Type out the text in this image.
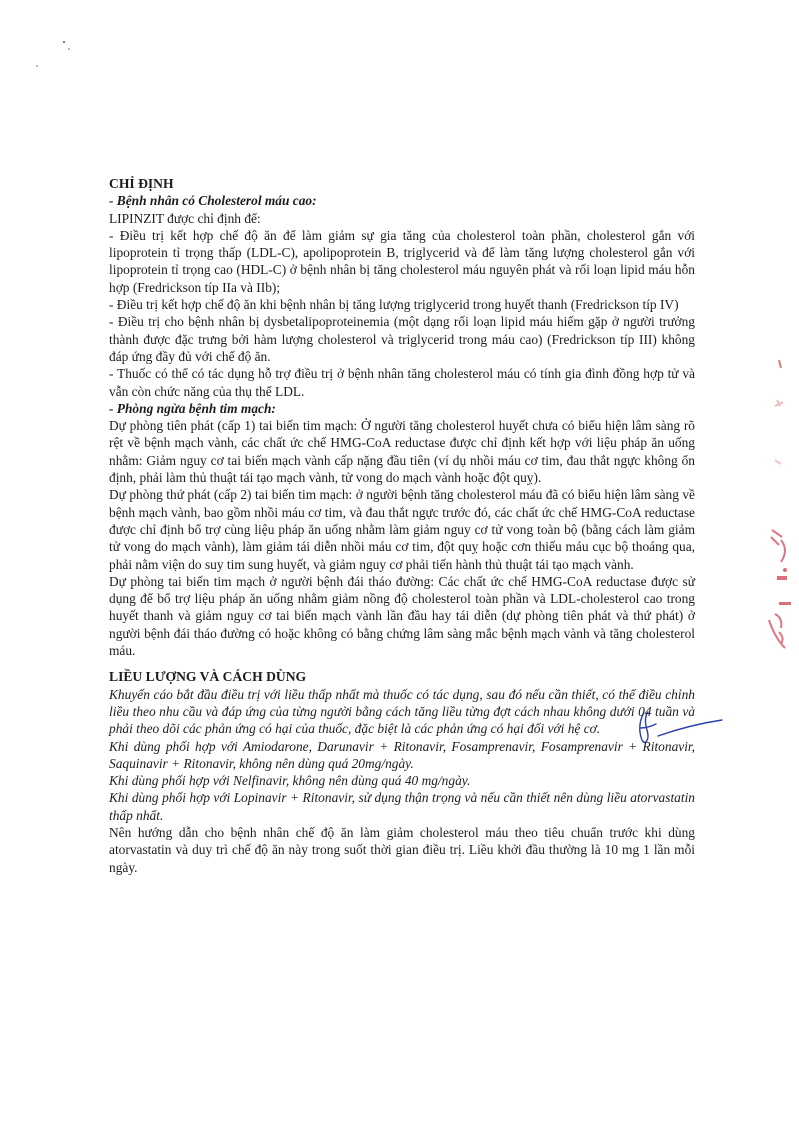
CHỈ ĐỊNH

- Bệnh nhân có Cholesterol máu cao:

LIPINZIT được chỉ định để:

- Điều trị kết hợp chế độ ăn để làm giảm sự gia tăng của cholesterol toàn phần, cholesterol gắn với lipoprotein tỉ trọng thấp (LDL-C), apolipoprotein B, triglycerid và để làm tăng lượng cholesterol gắn với lipoprotein tỉ trọng cao (HDL-C) ở bệnh nhân bị tăng cholesterol máu nguyên phát và rối loạn lipid máu hỗn hợp (Fredrickson típ IIa và IIb);

- Điều trị kết hợp chế độ ăn khi bệnh nhân bị tăng lượng triglycerid trong huyết thanh (Fredrickson típ IV)

- Điều trị cho bệnh nhân bị dysbetalipoproteinemia (một dạng rối loạn lipid máu hiếm gặp ở người trưởng thành được đặc trưng bởi hàm lượng cholesterol và triglycerid trong máu cao) (Fredrickson típ III) không đáp ứng đầy đủ với chế độ ăn.

- Thuốc có thể có tác dụng hỗ trợ điều trị ở bệnh nhân tăng cholesterol máu có tính gia đình đồng hợp tử và vẫn còn chức năng của thụ thể LDL.

- Phòng ngừa bệnh tim mạch:

Dự phòng tiên phát (cấp 1) tai biến tim mạch: Ở người tăng cholesterol huyết chưa có biểu hiện lâm sàng rõ rệt về bệnh mạch vành, các chất ức chế HMG-CoA reductase được chỉ định kết hợp với liệu pháp ăn uống nhằm: Giảm nguy cơ tai biến mạch vành cấp nặng đầu tiên (ví dụ nhồi máu cơ tim, đau thắt ngực không ổn định, phải làm thủ thuật tái tạo mạch vành, tử vong do mạch vành hoặc đột quỵ).

Dự phòng thứ phát (cấp 2) tai biến tim mạch: ở người bệnh tăng cholesterol máu đã có biểu hiện lâm sàng về bệnh mạch vành, bao gồm nhồi máu cơ tim, và đau thắt ngực trước đó, các chất ức chế HMG-CoA reductase được chỉ định bổ trợ cùng liệu pháp ăn uống nhằm làm giảm nguy cơ tử vong toàn bộ (bằng cách làm giảm tử vong do mạch vành), làm giảm tái diễn nhồi máu cơ tim, đột quỵ hoặc cơn thiếu máu cục bộ thoáng qua, phải nằm viện do suy tim sung huyết, và giảm nguy cơ phải tiến hành thủ thuật tái tạo mạch vành.

Dự phòng tai biến tim mạch ở người bệnh đái tháo đường: Các chất ức chế HMG-CoA reductase được sử dụng để bổ trợ liệu pháp ăn uống nhằm giảm nồng độ cholesterol toàn phần và LDL-cholesterol cao trong huyết thanh và giảm nguy cơ tai biến mạch vành lần đầu hay tái diễn (dự phòng tiên phát và thứ phát) ở người bệnh đái tháo đường có hoặc không có bằng chứng lâm sàng mắc bệnh mạch vành và tăng cholesterol máu.

LIỀU LƯỢNG VÀ CÁCH DÙNG

Khuyến cáo bắt đầu điều trị với liều thấp nhất mà thuốc có tác dụng, sau đó nếu cần thiết, có thể điều chỉnh liều theo nhu cầu và đáp ứng của từng người bằng cách tăng liều từng đợt cách nhau không dưới 04 tuần và phải theo dõi các phản ứng có hại của thuốc, đặc biệt là các phản ứng có hại đối với hệ cơ.

Khi dùng phối hợp với Amiodarone, Darunavir + Ritonavir, Fosamprenavir, Fosamprenavir + Ritonavir, Saquinavir + Ritonavir, không nên dùng quá 20mg/ngày.

Khi dùng phối hợp với Nelfinavir, không nên dùng quá 40 mg/ngày.

Khi dùng phối hợp với Lopinavir + Ritonavir, sử dụng thận trọng và nếu cần thiết nên dùng liều atorvastatin thấp nhất.

Nên hướng dẫn cho bệnh nhân chế độ ăn làm giảm cholesterol máu theo tiêu chuẩn trước khi dùng atorvastatin và duy trì chế độ ăn này trong suốt thời gian điều trị. Liều khởi đầu thường là 10 mg 1 lần mỗi ngày.
